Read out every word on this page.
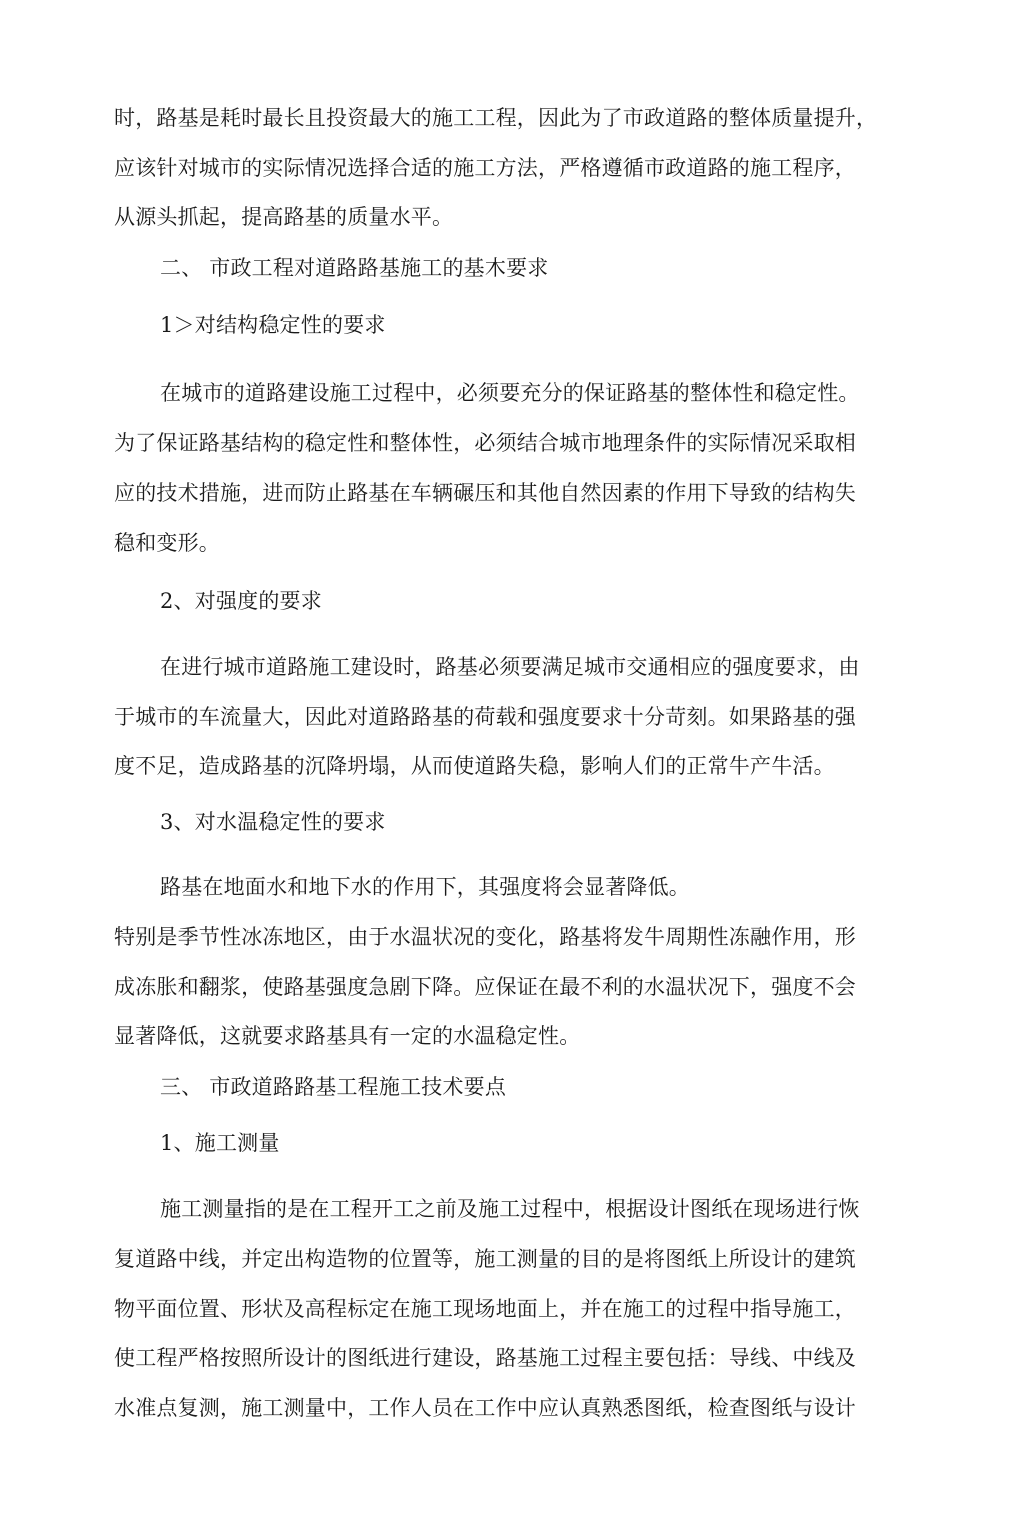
时，路基是耗时最长且投资最大的施工工程，因此为了市政道路的整体质量提升，
应该针对城市的实际情况选择合适的施工方法，严格遵循市政道路的施工程序，
从源头抓起，提高路基的质量水平。
二、 市政工程对道路路基施工的基木要求
1＞对结构稳定性的要求
在城市的道路建设施工过程中，必须要充分的保证路基的整体性和稳定性。
为了保证路基结构的稳定性和整体性，必须结合城市地理条件的实际情况采取相
应的技术措施，进而防止路基在车辆碾压和其他自然因素的作用下导致的结构失
稳和变形。
2、对强度的要求
在进行城市道路施工建设时，路基必须要满足城市交通相应的强度要求，由
于城市的车流量大，因此对道路路基的荷载和强度要求十分苛刻。如果路基的强
度不足，造成路基的沉降坍塌，从而使道路失稳，影响人们的正常牛产牛活。
3、对水温稳定性的要求
路基在地面水和地下水的作用下，其强度将会显著降低。
特别是季节性冰冻地区，由于水温状况的变化，路基将发牛周期性冻融作用，形
成冻胀和翻浆，使路基强度急剧下降。应保证在最不利的水温状况下，强度不会
显著降低，这就要求路基具有一定的水温稳定性。
三、 市政道路路基工程施工技术要点
1、施工测量
施工测量指的是在工程开工之前及施工过程中，根据设计图纸在现场进行恢
复道路中线，并定出构造物的位置等，施工测量的目的是将图纸上所设计的建筑
物平面位置、形状及高程标定在施工现场地面上，并在施工的过程中指导施工，
使工程严格按照所设计的图纸进行建设，路基施工过程主要包括：导线、中线及
水准点复测，施工测量中，工作人员在工作中应认真熟悉图纸，检查图纸与设计
